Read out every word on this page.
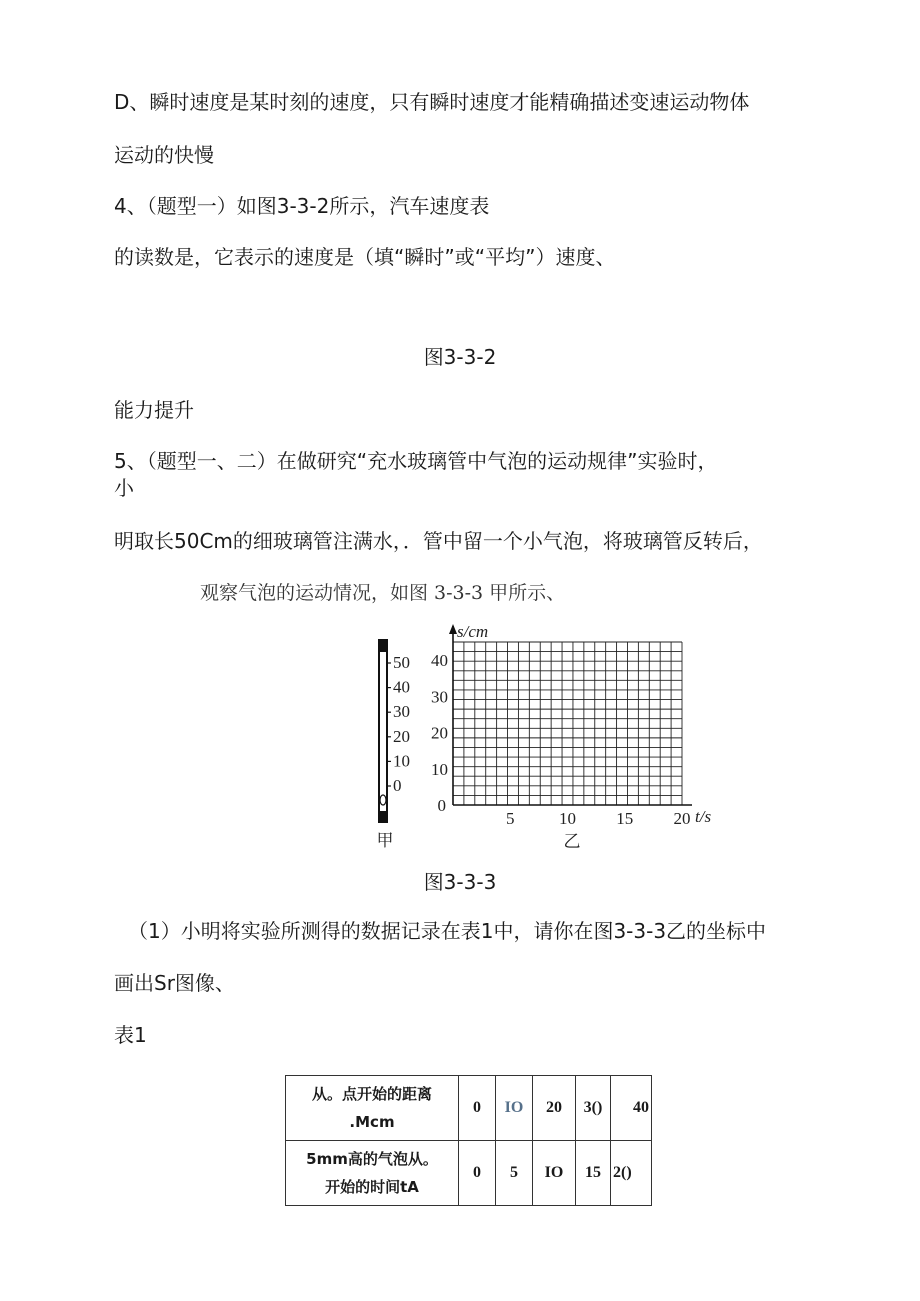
D、瞬时速度是某时刻的速度，只有瞬时速度才能精确描述变速运动物体
运动的快慢
4、（题型一）如图3-3-2所示，汽车速度表
的读数是，它表示的速度是（填“瞬时”或“平均”）速度、
图3-3-2
能力提升
5、（题型一、二）在做研究“充水玻璃管中气泡的运动规律”实验时，
小
明取长50Cm的细玻璃管注满水，．管中留一个小气泡，将玻璃管反转后，
观察气泡的运动情况，如图 3-3-3 甲所示、
50
40
30
20
10
0
甲
10
20
30
40
5	10 15 20
0
s/cm
t/s
乙
图3-3-3
（1）小明将实验所测得的数据记录在表1中，请你在图3-3-3乙的坐标中
画出Sr图像、
表1
从。点开始的距离
.Mcm	0	IO	20	3()	40

5mm高的气泡从。
开始的时间tA	0	5	IO	15	2()
